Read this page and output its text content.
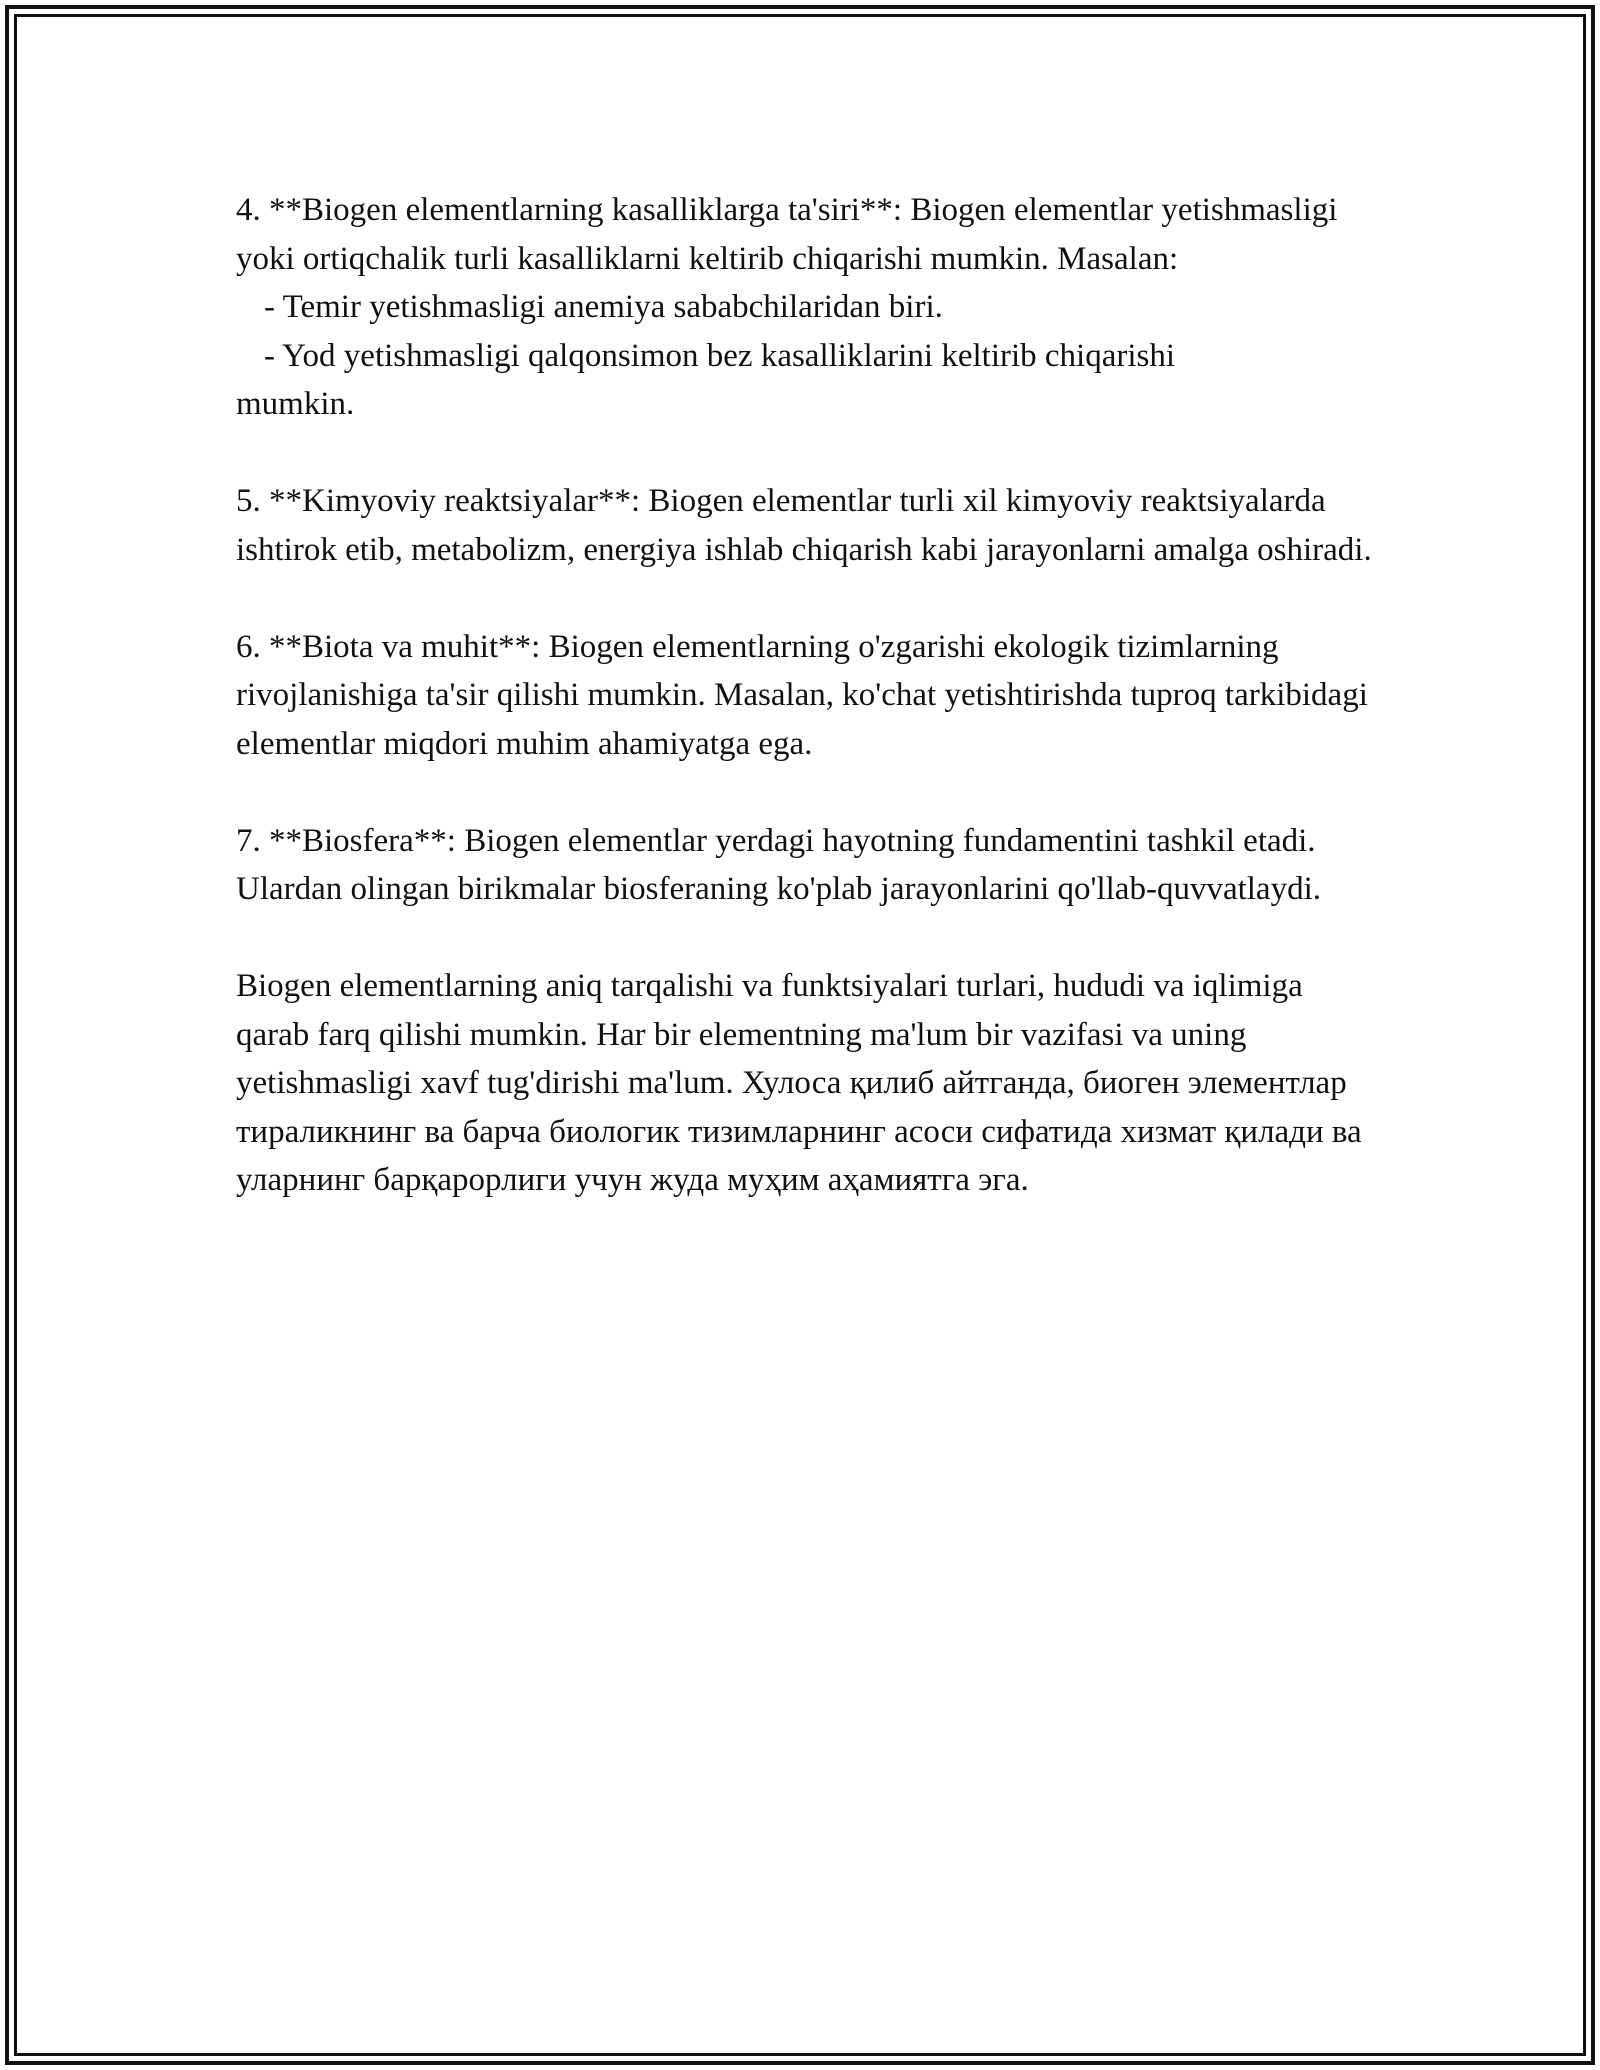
4. **Biogen elementlarning kasalliklarga ta'siri**: Biogen elementlar yetishmasligi yoki ortiqchalik turli kasalliklarni keltirib chiqarishi mumkin. Masalan:
- Temir yetishmasligi anemiya sababchilaridan biri.
- Yod yetishmasligi qalqonsimon bez kasalliklarini keltirib chiqarishi
mumkin.

5. **Kimyoviy reaktsiyalar**: Biogen elementlar turli xil kimyoviy reaktsiyalarda ishtirok etib, metabolizm, energiya ishlab chiqarish kabi jarayonlarni amalga oshiradi.

6. **Biota va muhit**: Biogen elementlarning o'zgarishi ekologik tizimlarning rivojlanishiga ta'sir qilishi mumkin. Masalan, ko'chat yetishtirishda tuproq tarkibidagi elementlar miqdori muhim ahamiyatga ega.

7. **Biosfera**: Biogen elementlar yerdagi hayotning fundamentini tashkil etadi. Ulardan olingan birikmalar biosferaning ko'plab jarayonlarini qo'llab-quvvatlaydi.

Biogen elementlarning aniq tarqalishi va funktsiyalari turlari, hududi va iqlimiga qarab farq qilishi mumkin. Har bir elementning ma'lum bir vazifasi va uning yetishmasligi xavf tug'dirishi ma'lum. Хулоса қилиб айтганда, биоген элементлар тираликнинг ва барча биологик тизимларнинг асоси сифатида хизмат қилади ва уларнинг барқарорлиги учун жуда муҳим аҳамиятга эга.
